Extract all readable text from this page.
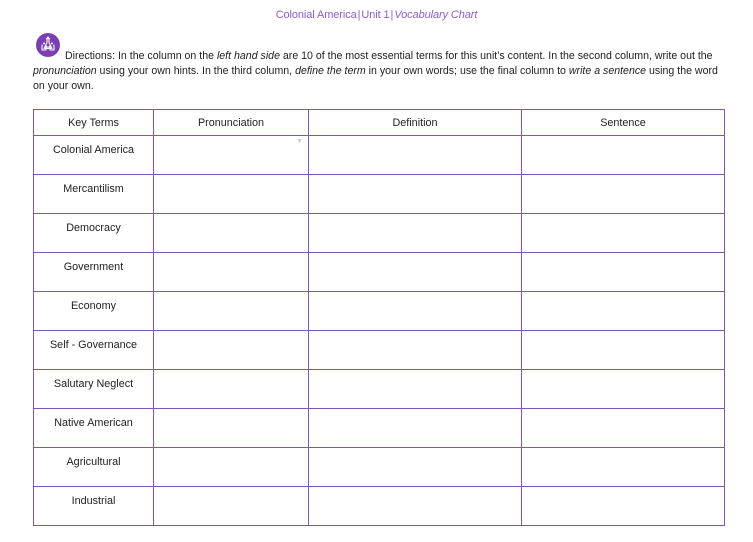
Colonial America|Unit 1|Vocabulary Chart
Directions: In the column on the left hand side are 10 of the most essential terms for this unit’s content. In the second column, write out the pronunciation using your own hints. In the third column, define the term in your own words; use the final column to write a sentence using the word on your own.
Key Terms	Pronunciation	Definition	Sentence
Colonial America	▼		

Mercantilism			
Democracy			
Government			
Economy			
Self - Governance			
Salutary Neglect			
Native American			
Agricultural			
Industrial			
